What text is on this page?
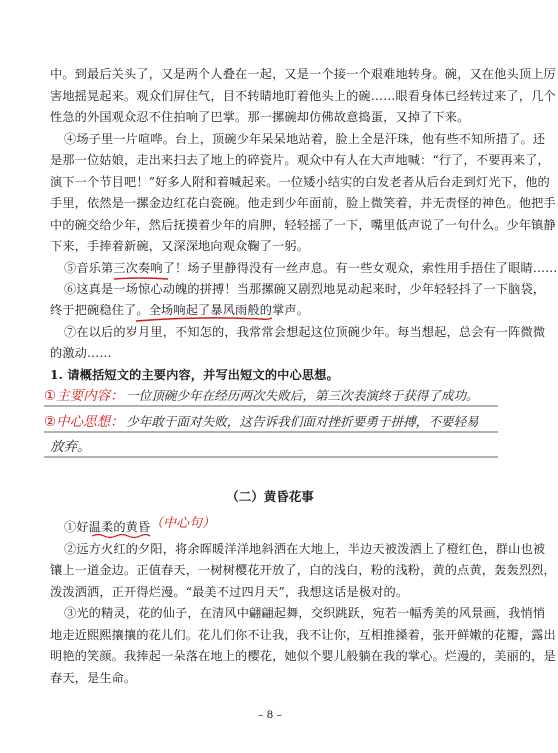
中。到最后关头了，又是两个人叠在一起，又是一个接一个艰难地转身。碗，又在他头顶上厉
害地摇晃起来。观众们屏住气，目不转睛地盯着他头上的碗……眼看身体已经转过来了，几个
性急的外国观众忍不住拍响了巴掌。那一摞碗却仿佛故意捣蛋，又掉了下来。
④场子里一片喧哗。台上，顶碗少年呆呆地站着，脸上全是汗珠，他有些不知所措了。还
是那一位姑娘，走出来扫去了地上的碎瓷片。观众中有人在大声地喊：“行了，不要再来了，
演下一个节目吧！”好多人附和着喊起来。一位矮小结实的白发老者从后台走到灯光下，他的
手里，依然是一摞金边红花白瓷碗。他走到少年面前，脸上微笑着，并无责怪的神色。他把手
中的碗交给少年，然后抚摸着少年的肩胛，轻轻摇了一下，嘴里低声说了一句什么。少年镇静
下来，手捧着新碗，又深深地向观众鞠了一躬。
⑤音乐第三次奏响了！场子里静得没有一丝声息。有一些女观众，索性用手捂住了眼睛……
⑥这真是一场惊心动魄的拼搏！当那摞碗又剧烈地晃动起来时，少年轻轻抖了一下脑袋，
终于把碗稳住了。全场响起了暴风雨般的掌声。
⑦在以后的岁月里，不知怎的，我常常会想起这位顶碗少年。每当想起，总会有一阵微微
的激动……
1. 请概括短文的主要内容，并写出短文的中心思想。
①主要内容： 一位顶碗少年在经历两次失败后，第三次表演终于获得了成功。
②中心思想： 少年敢于面对失败，这告诉我们面对挫折要勇于拼搏，不要轻易
放弃。
（二）黄昏花事
①好温柔的黄昏 （中心句）
②远方火红的夕阳，将余晖暖洋洋地斜洒在大地上，半边天被泼洒上了橙红色，群山也被
镶上一道金边。正值春天，一树树樱花开放了，白的浅白，粉的浅粉，黄的点黄，轰轰烈烈，
泼泼洒洒，正开得烂漫。“最美不过四月天”，我想这话是极对的。
③光的精灵，花的仙子，在清风中翩翩起舞，交织跳跃，宛若一幅秀美的风景画，我悄悄
地走近熙熙攘攘的花儿们。花儿们你不让我，我不让你，互相推搡着，张开鲜嫩的花瓣，露出
明艳的笑颜。我捧起一朵落在地上的樱花，她似个婴儿般躺在我的掌心。烂漫的，美丽的，是
春天，是生命。
– 8 –
